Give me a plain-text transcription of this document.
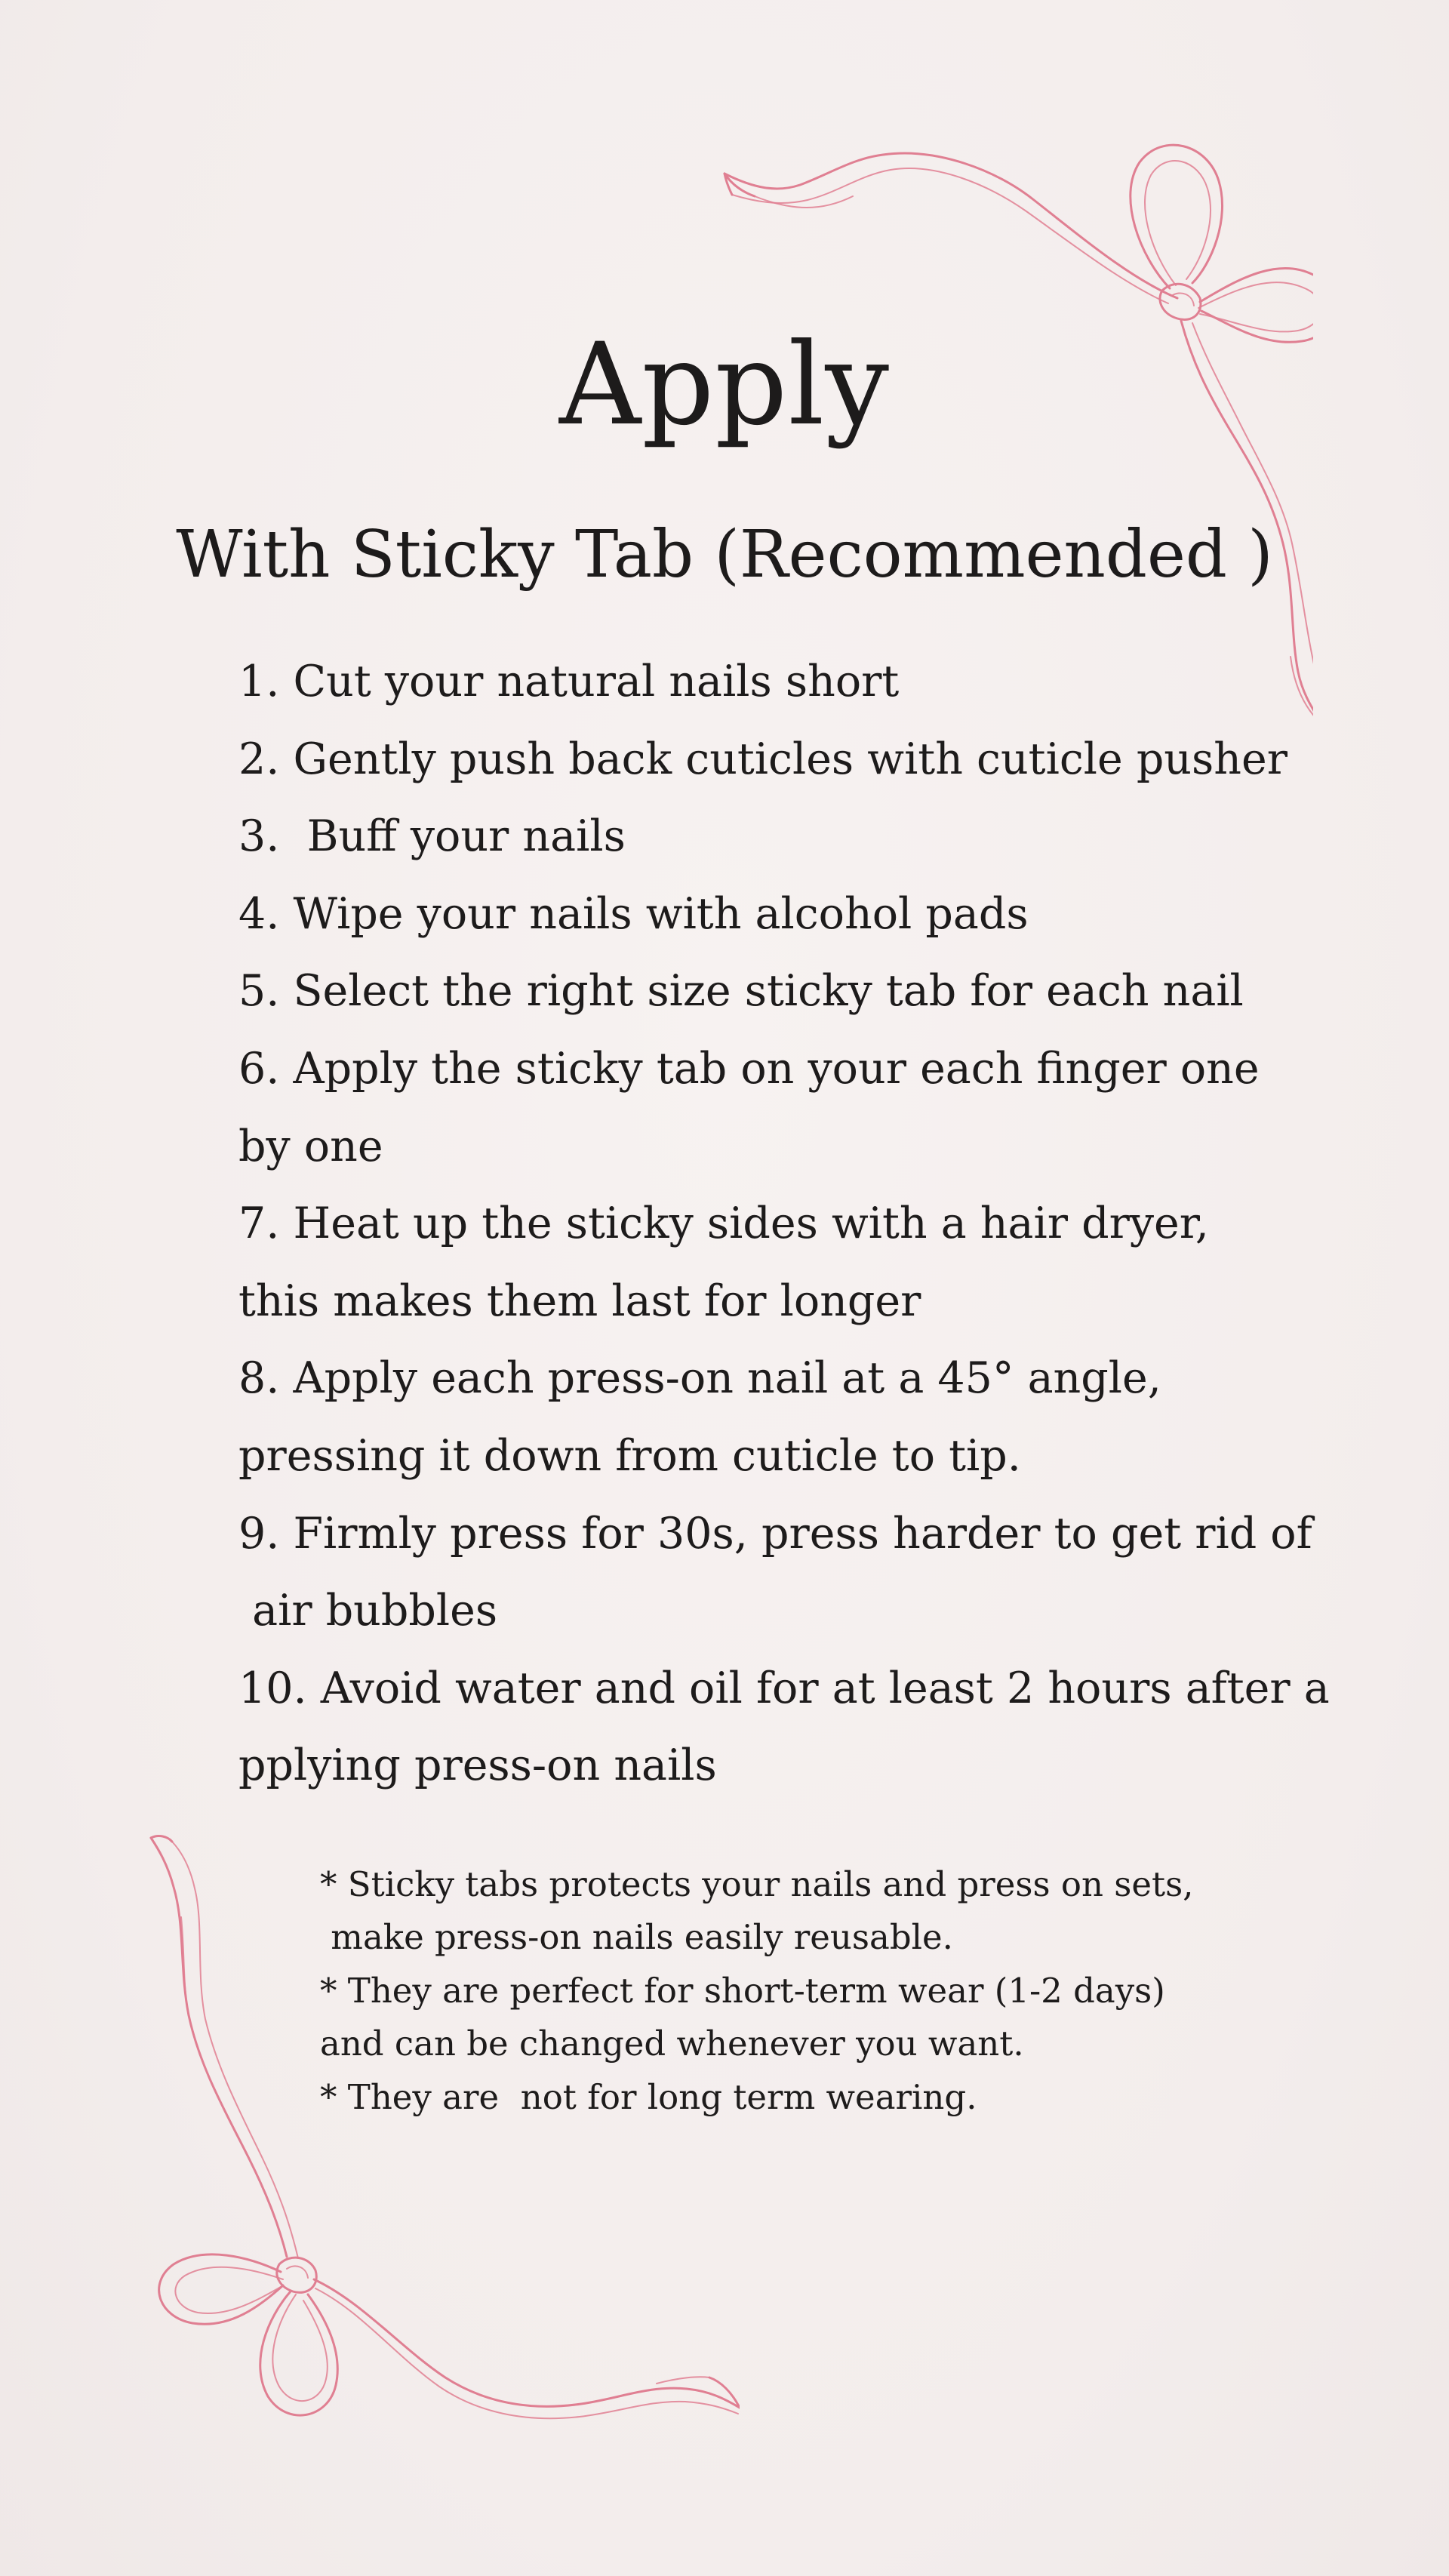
Apply
With Sticky Tab (Recommended )
1. Cut your natural nails short
2. Gently push back cuticles with cuticle pusher
3.  Buff your nails
4. Wipe your nails with alcohol pads
5. Select the right size sticky tab for each nail
6. Apply the sticky tab on your each finger one
by one
7. Heat up the sticky sides with a hair dryer,
this makes them last for longer
8. Apply each press-on nail at a 45° angle,
pressing it down from cuticle to tip.
9. Firmly press for 30s, press harder to get rid of
air bubbles
10. Avoid water and oil for at least 2 hours after a
pplying press-on nails
* Sticky tabs protects your nails and press on sets,
make press-on nails easily reusable.
* They are perfect for short-term wear (1-2 days)
and can be changed whenever you want.
* They are  not for long term wearing.
